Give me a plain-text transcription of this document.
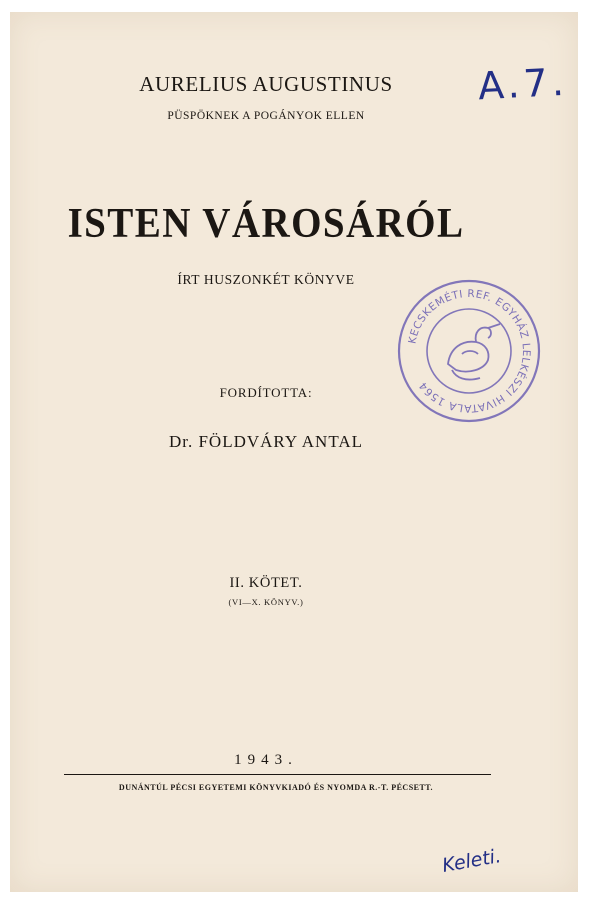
AURELIUS AUGUSTINUS
PÜSPÖKNEK A POGÁNYOK ELLEN
ISTEN VÁROSÁRÓL
ÍRT HUSZONKÉT KÖNYVE
FORDÍTOTTA:
Dr. FÖLDVÁRY ANTAL
II. KÖTET.
(VI—X. KÖNYV.)
1943.
DUNÁNTÚL PÉCSI EGYETEMI KÖNYVKIADÓ ÉS NYOMDA R.-T. PÉCSETT.
A.7.
Keleti.
KECSKEMÉTI REF. EGYHÁZ LELKÉSZI HIVATALA 1564
